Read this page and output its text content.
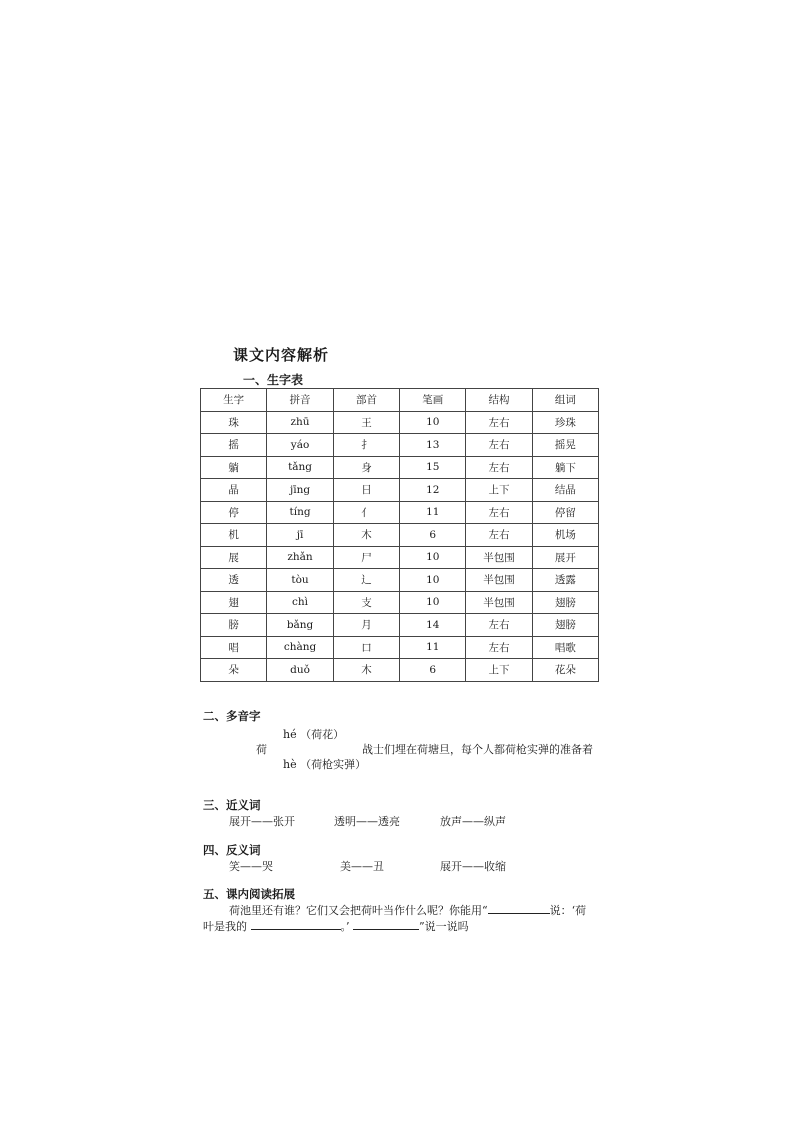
课文内容解析
一、生字表
生字	拼音	部首	笔画	结构	组词
珠	zhū	王	10	左右	珍珠
摇	yáo	扌	13	左右	摇晃
躺	tǎng	身	15	左右	躺下
晶	jīng	日	12	上下	结晶
停	tíng	亻	11	左右	停留
机	jī	木	6	左右	机场
展	zhǎn	尸	10	半包围	展开
透	tòu	辶	10	半包围	透露
翅	chì	支	10	半包围	翅膀
膀	bǎng	月	14	左右	翅膀
唱	chàng	口	11	左右	唱歌
朵	duǒ	木	6	上下	花朵
二、多音字
hé （荷花）
荷	战士们埋在荷塘旦，每个人都荷枪实弹的准备着
hè （荷枪实弹）
三、近义词
展开——张开	透明——透亮	放声——纵声
四、反义词
笑——哭	美——丑	展开——收缩
五、课内阅读拓展
荷池里还有谁？它们又会把荷叶当作什么呢？你能用“	说：‘荷
叶是我的	。’	”说一说吗
